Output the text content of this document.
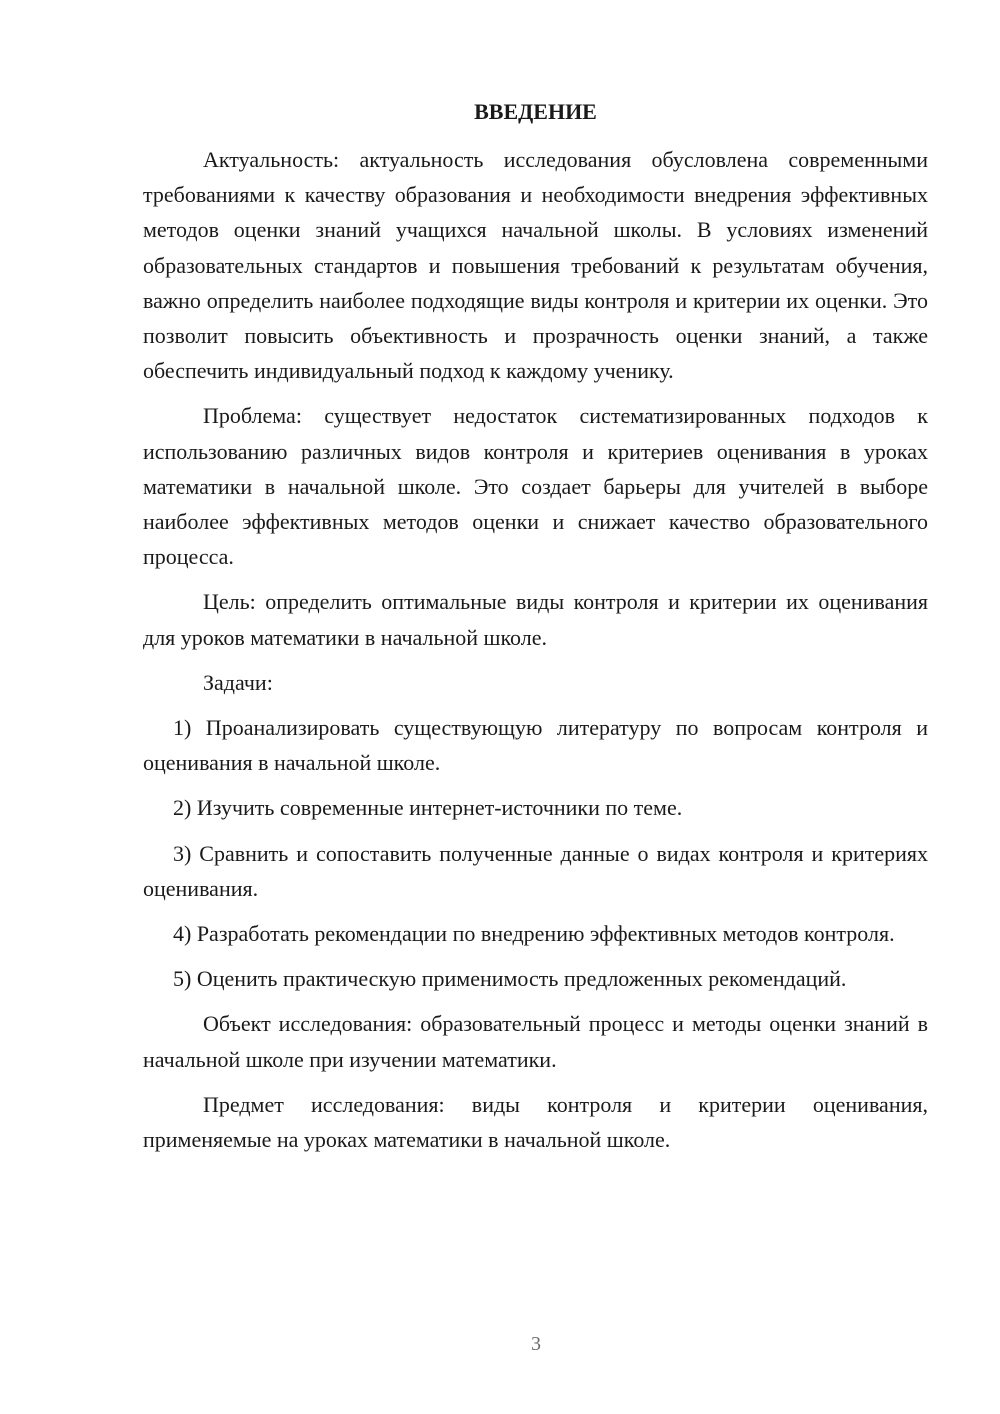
ВВЕДЕНИЕ

Актуальность: актуальность исследования обусловлена современными требованиями к качеству образования и необходимости внедрения эффективных методов оценки знаний учащихся начальной школы. В условиях изменений образовательных стандартов и повышения требований к результатам обучения, важно определить наиболее подходящие виды контроля и критерии их оценки. Это позволит повысить объективность и прозрачность оценки знаний, а также обеспечить индивидуальный подход к каждому ученику.

Проблема: существует недостаток систематизированных подходов к использованию различных видов контроля и критериев оценивания в уроках математики в начальной школе. Это создает барьеры для учителей в выборе наиболее эффективных методов оценки и снижает качество образовательного процесса.

Цель: определить оптимальные виды контроля и критерии их оценивания для уроков математики в начальной школе.

Задачи:

1) Проанализировать существующую литературу по вопросам контроля и оценивания в начальной школе.

2) Изучить современные интернет-источники по теме.

3) Сравнить и сопоставить полученные данные о видах контроля и критериях оценивания.

4) Разработать рекомендации по внедрению эффективных методов контроля.

5) Оценить практическую применимость предложенных рекомендаций.

Объект исследования: образовательный процесс и методы оценки знаний в начальной школе при изучении математики.

Предмет исследования: виды контроля и критерии оценивания, применяемые на уроках математики в начальной школе.

3
